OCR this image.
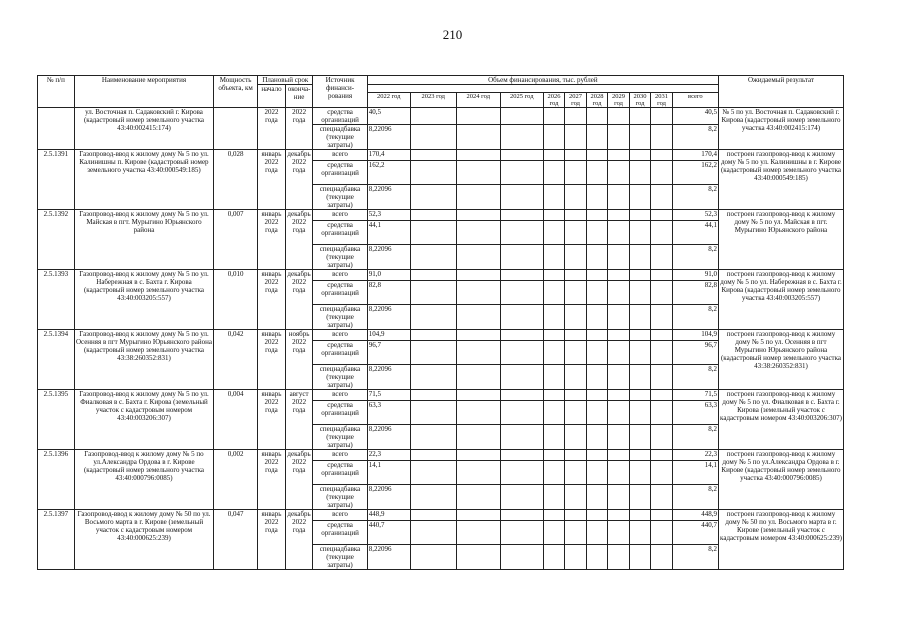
210
№ п/п	Наименование мероприятия	Мощность объекта, км	Плановый срок		Источник финанси-рования	Объем финансирования, тыс. рублей											Ожидаемый результат
			начало	оконча-ние													
						2022 год	2023 год	2024 год	2025 год	2026 год	2027 год	2028 год	2029 год	2030 год	2031 год	всего	
	ул. Восточная п. Садаковский г. Кирова (кадастровый номер земельного участка 43:40:002415:174)		2022 года	2022 года	средства организаций	40,5										40,5	№ 5 по ул. Восточная п. Садаковский г. Кирова (кадастровый номер земельного участка 43:40:002415:174)
					спецнадбавка (текущие затраты)	8,22096										8,2	
2.5.1391	Газопровод-ввод к жилому дому № 5 по ул. Калинишны п. Кирове (кадастровый номер земельного участка 43:40:000549:185)	0,028	январь 2022 года	декабрь 2022 года	всего	170,4										170,4	построен газопровод-ввод к жилому дому № 5 по ул. Калинишны в г. Кирове (кадастровый номер земельного участка 43:40:000549:185)
					средства организаций	162,2										162,2	
					спецнадбавка (текущие затраты)	8,22096										8,2	
2.5.1392	Газопровод-ввод к жилому дому № 5 по ул. Майская в пгт. Мурыгино Юрьянского района	0,007	январь 2022 года	декабрь 2022 года	всего	52,3										52,3	построен газопровод-ввод к жилому дому № 5 по ул. Майская в пгт. Мурыгино Юрьянского района
					средства организаций	44,1										44,1	
					спецнадбавка (текущие затраты)	8,22096										8,2	
2.5.1393	Газопровод-ввод к жилому дому № 5 по ул. Набережная в с. Бахта г. Кирова (кадастровый номер земельного участка 43:40:003205:557)	0,010	январь 2022 года	декабрь 2022 года	всего	91,0										91,0	построен газопровод-ввод к жилому дому № 5 по ул. Набережная в с. Бахта г. Кирова (кадастровый номер земельного участка 43:40:003205:557)
					средства организаций	82,8										82,8	
					спецнадбавка (текущие затраты)	8,22096										8,2	
2.5.1394	Газопровод-ввод к жилому дому № 5 по ул. Осенняя в пгт Мурыгино Юрьянского района (кадастровый номер земельного участка 43:38:260352:831)	0,042	январь 2022 года	ноябрь 2022 года	всего	104,9										104,9	построен газопровод-ввод к жилому дому № 5 по ул. Осенняя в пгт Мурыгино Юрьянского района (кадастровый номер земельного участка 43:38:260352:831)
					средства организаций	96,7										96,7	
					спецнадбавка (текущие затраты)	8,22096										8,2	
2.5.1395	Газопровод-ввод к жилому дому № 5 по ул. Фиалковая в с. Бахта г. Кирова (земельный участок с кадастровым номером 43:40:003206:307)	0,004	январь 2022 года	август 2022 года	всего	71,5										71,5	построен газопровод-ввод к жилому дому № 5 по ул. Фиалковая в с. Бахта г. Кирова (земельный участок с кадастровым номером 43:40:003206:307)
					средства организаций	63,3										63,3	
					спецнадбавка (текущие затраты)	8,22096										8,2	
2.5.1396	Газопровод-ввод к жилому дому № 5 по ул.Александра Ордова в г. Кирове (кадастровый номер земельного участка 43:40:000796:0085)	0,002	январь 2022 года	декабрь 2022 года	всего	22,3										22,3	построен газопровод-ввод к жилому дому № 5 по ул.Александра Ордова в г. Кирове (кадастровый номер земельного участка 43:40:000796:0085)
					средства организаций	14,1										14,1	
					спецнадбавка (текущие затраты)	8,22096										8,2	
2.5.1397	Газопровод-ввод к жилому дому № 50 по ул. Восьмого марта в г. Кирове (земельный участок с кадастровым номером 43:40:000625:239)	0,047	январь 2022 года	декабрь 2022 года	всего	448,9										448,9	построен газопровод-ввод к жилому дому № 50 по ул. Восьмого марта в г. Кирове (земельный участок с кадастровым номером 43:40:000625:239)
					средства организаций	440,7										440,7	
					спецнадбавка (текущие затраты)	8,22096										8,2	
